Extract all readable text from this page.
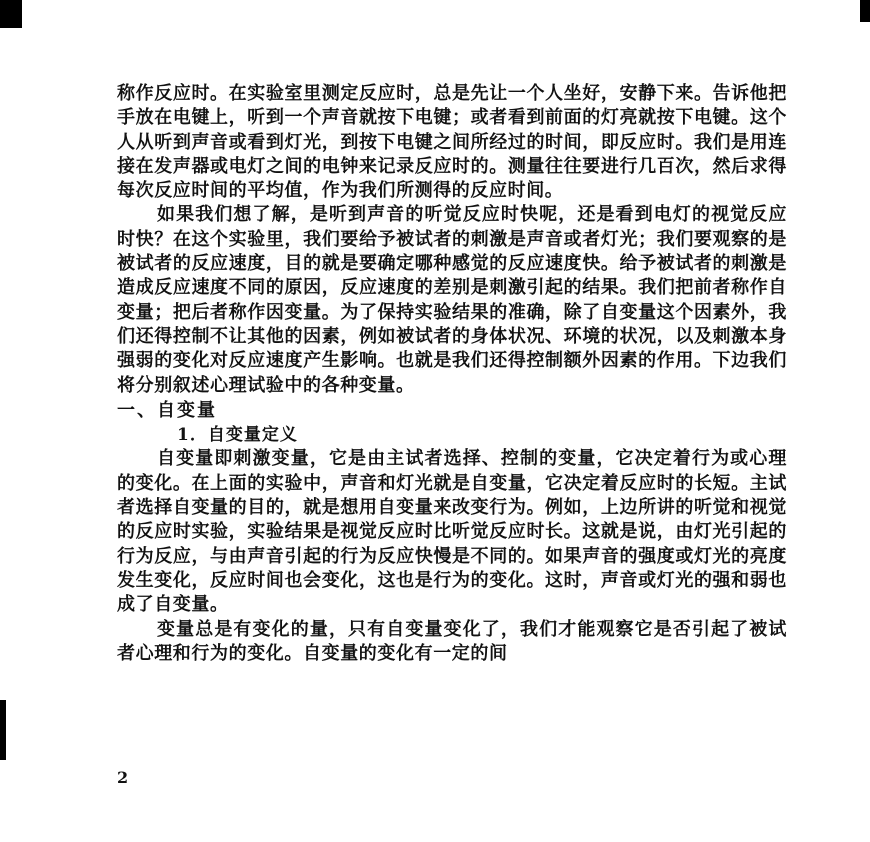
称作反应时。在实验室里测定反应时，总是先让一个人坐好，安静下来。告诉他把手放在电键上，听到一个声音就按下电键；或者看到前面的灯亮就按下电键。这个人从听到声音或看到灯光，到按下电键之间所经过的时间，即反应时。我们是用连接在发声器或电灯之间的电钟来记录反应时的。测量往往要进行几百次，然后求得每次反应时间的平均值，作为我们所测得的反应时间。

如果我们想了解，是听到声音的听觉反应时快呢，还是看到电灯的视觉反应时快？在这个实验里，我们要给予被试者的刺激是声音或者灯光；我们要观察的是被试者的反应速度，目的就是要确定哪种感觉的反应速度快。给予被试者的刺激是造成反应速度不同的原因，反应速度的差别是刺激引起的结果。我们把前者称作自变量；把后者称作因变量。为了保持实验结果的准确，除了自变量这个因素外，我们还得控制不让其他的因素，例如被试者的身体状况、环境的状况，以及刺激本身强弱的变化对反应速度产生影响。也就是我们还得控制额外因素的作用。下边我们将分别叙述心理试验中的各种变量。

一、自变量
1．自变量定义

自变量即刺激变量，它是由主试者选择、控制的变量，它决定着行为或心理的变化。在上面的实验中，声音和灯光就是自变量，它决定着反应时的长短。主试者选择自变量的目的，就是想用自变量来改变行为。例如，上边所讲的听觉和视觉的反应时实验，实验结果是视觉反应时比听觉反应时长。这就是说，由灯光引起的行为反应，与由声音引起的行为反应快慢是不同的。如果声音的强度或灯光的亮度发生变化，反应时间也会变化，这也是行为的变化。这时，声音或灯光的强和弱也成了自变量。

变量总是有变化的量，只有自变量变化了，我们才能观察它是否引起了被试者心理和行为的变化。自变量的变化有一定的间

2
